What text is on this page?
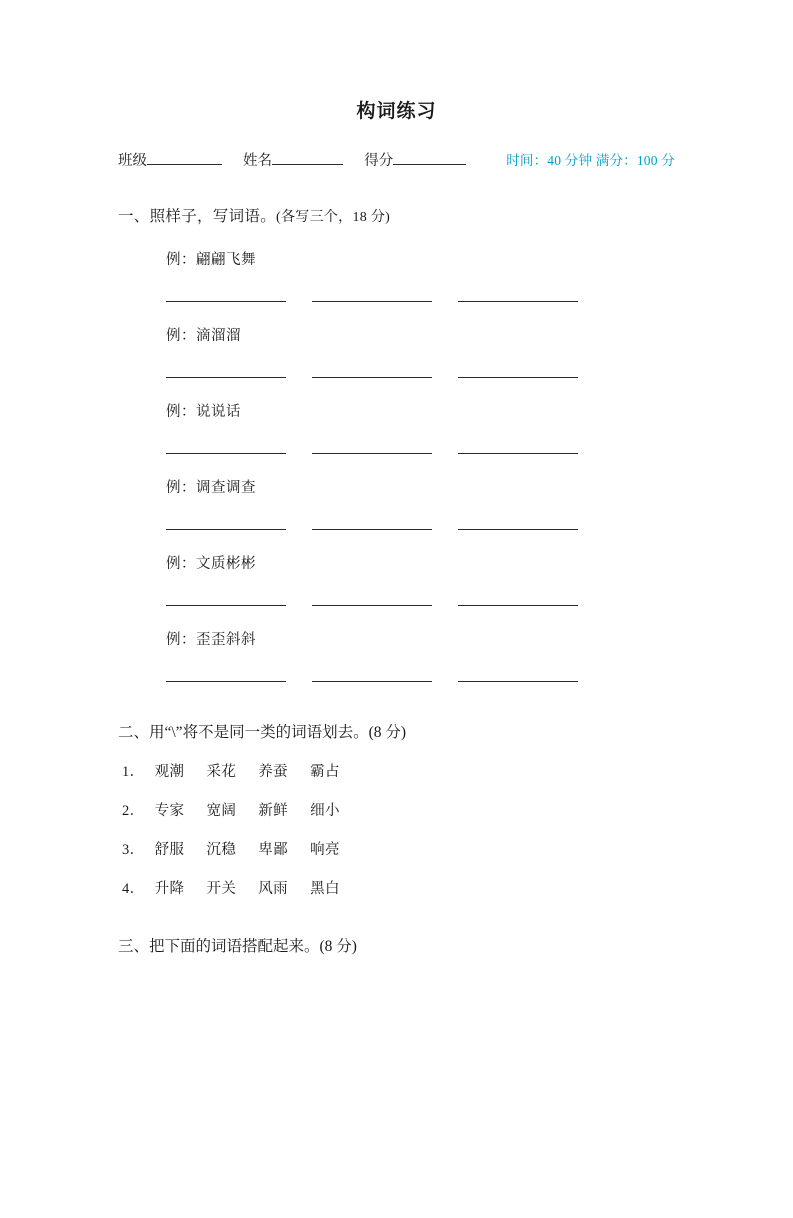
构词练习
班级	姓名	得分	时间：40 分钟 满分：100 分
一、照样子，写词语。(各写三个，18 分)
例：翩翩飞舞
例：滴溜溜
例：说说话
例：调查调查
例：文质彬彬
例：歪歪斜斜
二、用“\”将不是同一类的词语划去。(8 分)
1． 观潮 采花 养蚕 霸占
2． 专家 宽阔 新鲜 细小
3． 舒服 沉稳 卑鄙 响亮
4． 升降 开关 风雨 黑白
三、把下面的词语搭配起来。(8 分)
